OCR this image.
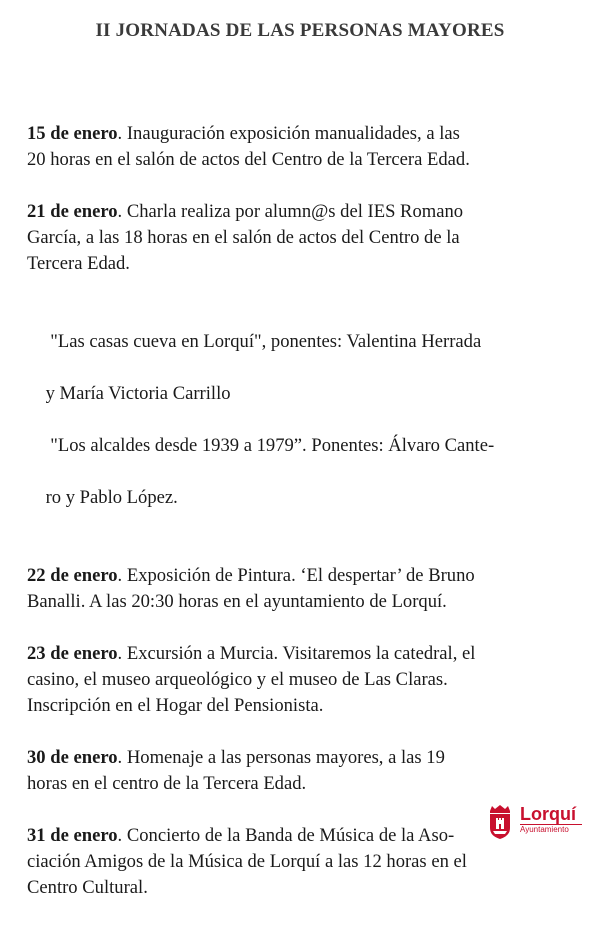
II JORNADAS DE LAS PERSONAS MAYORES
15 de enero. Inauguración exposición manualidades, a las
20 horas en el salón de actos del Centro de la Tercera Edad.
21 de enero. Charla realiza por alumn@s del IES Romano
García, a las 18 horas en el salón de actos del Centro de la
Tercera Edad.

"Las casas cueva en Lorquí", ponentes: Valentina Herrada

y María Victoria Carrillo

"Los alcaldes desde 1939 a 1979”. Ponentes: Álvaro Cante-

ro y Pablo López.

22 de enero. Exposición de Pintura. ‘El despertar’ de Bruno
Banalli. A las 20:30 horas en el ayuntamiento de Lorquí.
23 de enero. Excursión a Murcia. Visitaremos la catedral, el
casino, el museo arqueológico y el museo de Las Claras.
Inscripción en el Hogar del Pensionista.
30 de enero. Homenaje a las personas mayores, a las 19
horas en el centro de la Tercera Edad.
31 de enero. Concierto de la Banda de Música de la Aso-
ciación Amigos de la Música de Lorquí a las 12 horas en el
Centro Cultural.
Lorquí
Ayuntamiento
